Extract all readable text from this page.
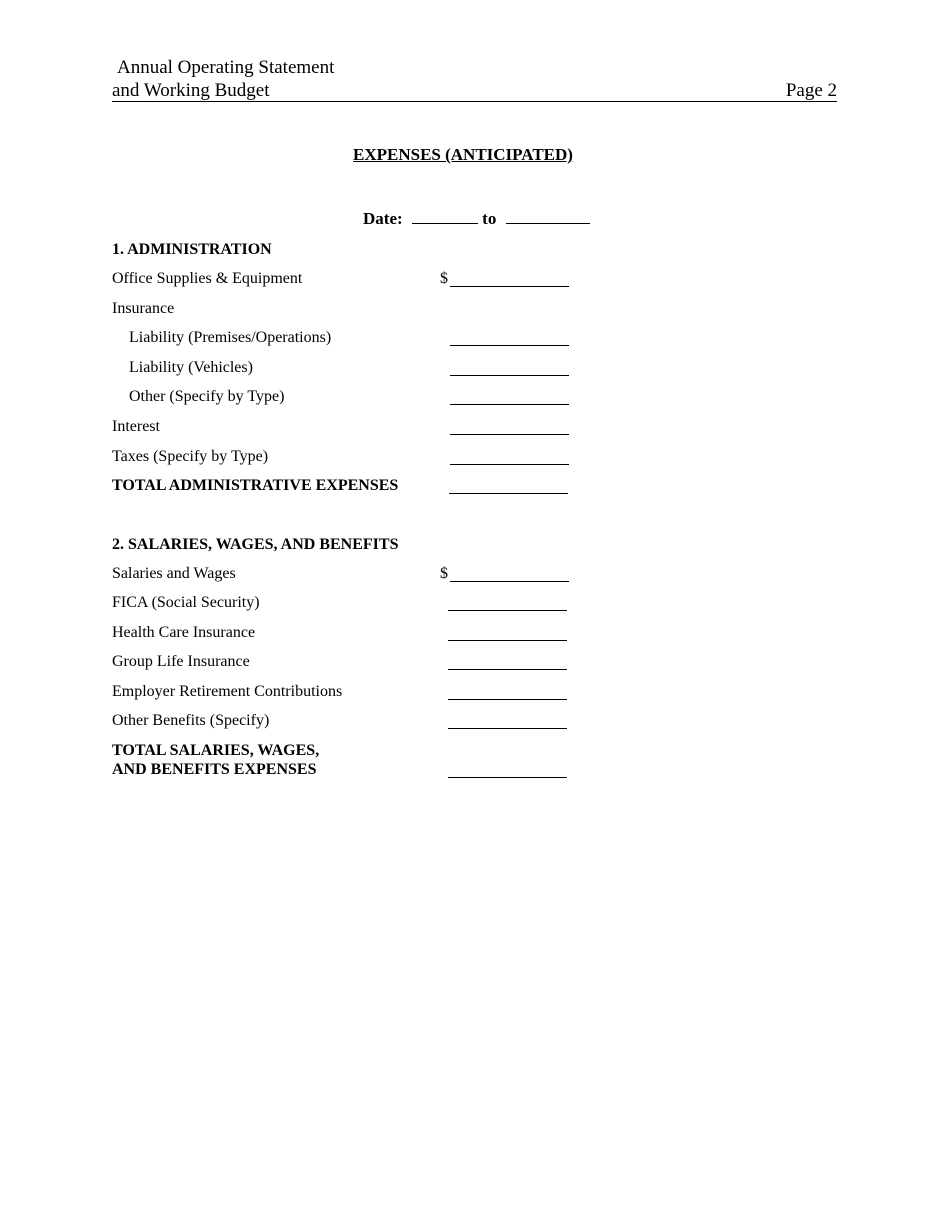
Annual Operating Statement
and Working Budget	Page 2
EXPENSES (ANTICIPATED)
Date:	to
1. ADMINISTRATION
Office Supplies & Equipment	$
Insurance
Liability (Premises/Operations)
Liability (Vehicles)
Other (Specify by Type)
Interest
Taxes (Specify by Type)
TOTAL ADMINISTRATIVE EXPENSES
2. SALARIES, WAGES, AND BENEFITS
Salaries and Wages	$
FICA (Social Security)
Health Care Insurance
Group Life Insurance
Employer Retirement Contributions
Other Benefits (Specify)
TOTAL SALARIES, WAGES,
AND BENEFITS EXPENSES
